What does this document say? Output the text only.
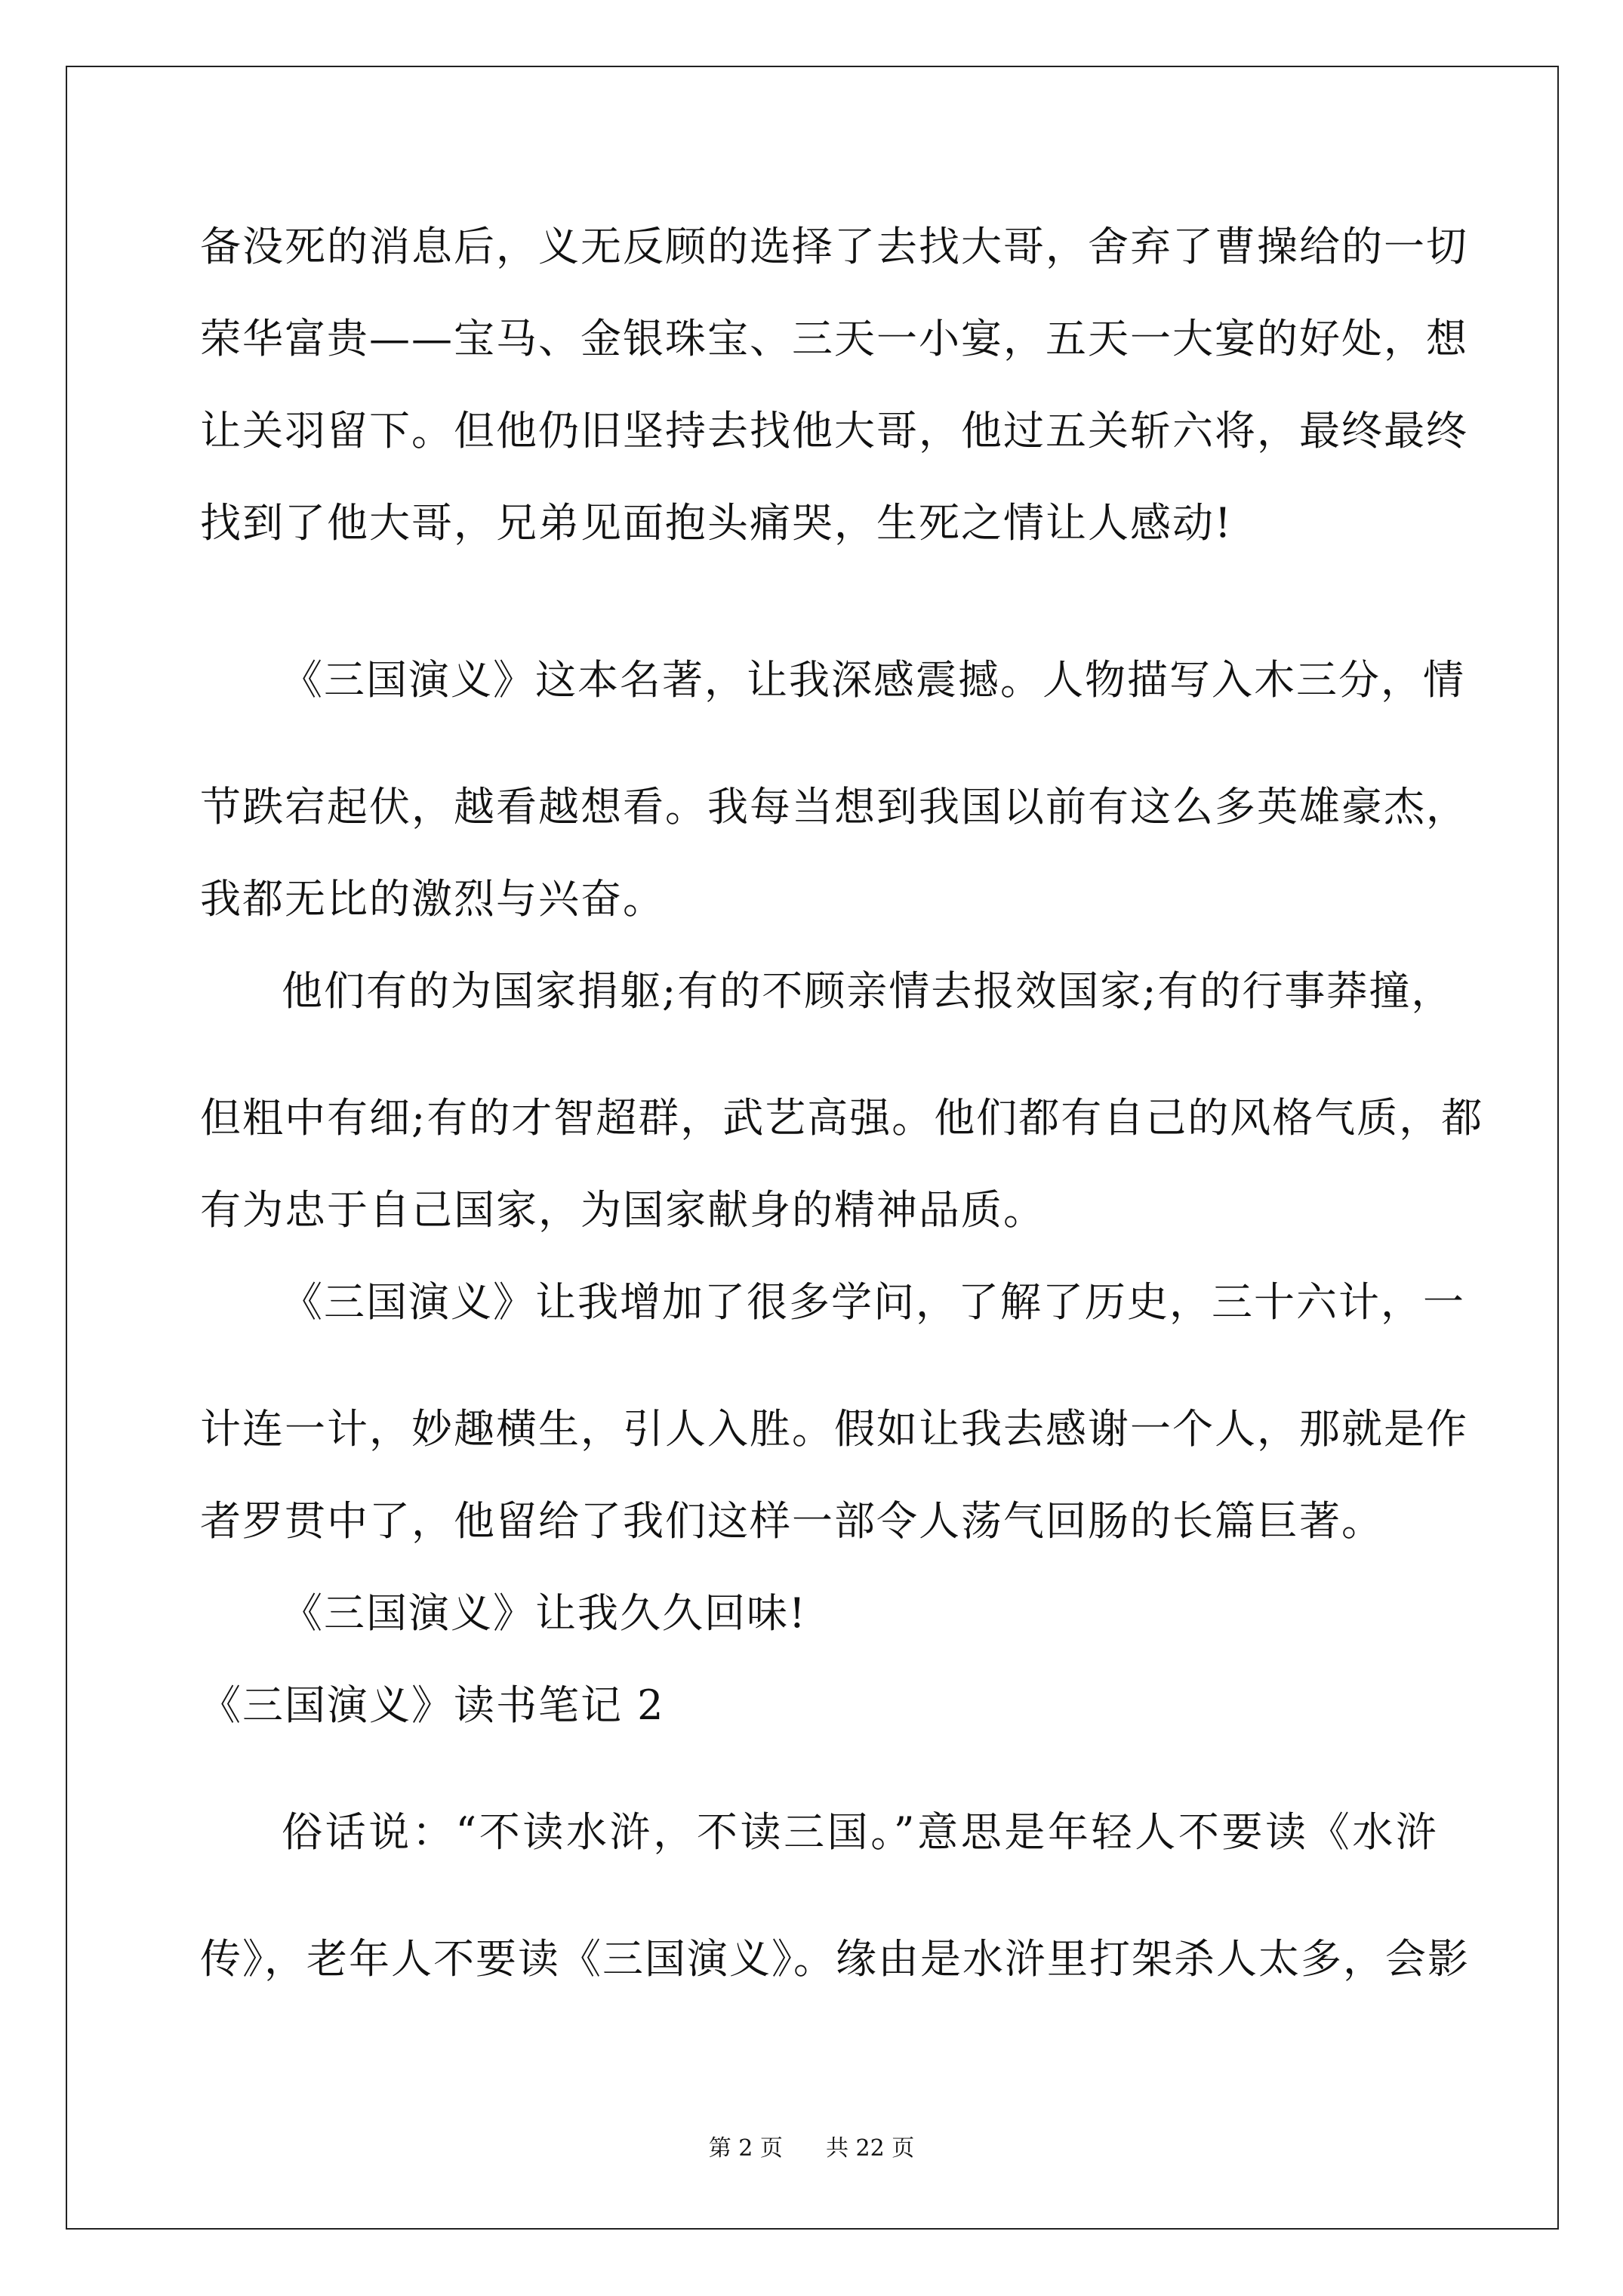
备没死的消息后，义无反顾的选择了去找大哥，舍弃了曹操给的一切
荣华富贵——宝马、金银珠宝、三天一小宴，五天一大宴的好处，想
让关羽留下。但他仍旧坚持去找他大哥，他过五关斩六将，最终最终
找到了他大哥，兄弟见面抱头痛哭，生死之情让人感动!
《三国演义》这本名著，让我深感震撼。人物描写入木三分，情
节跌宕起伏，越看越想看。我每当想到我国以前有这么多英雄豪杰，
我都无比的激烈与兴奋。
他们有的为国家捐躯;有的不顾亲情去报效国家;有的行事莽撞，
但粗中有细;有的才智超群，武艺高强。他们都有自己的风格气质，都
有为忠于自己国家，为国家献身的精神品质。
《三国演义》让我增加了很多学问，了解了历史，三十六计，一
计连一计，妙趣横生，引人入胜。假如让我去感谢一个人，那就是作
者罗贯中了，他留给了我们这样一部令人荡气回肠的长篇巨著。
《三国演义》让我久久回味!
《三国演义》读书笔记 2
俗话说：“不读水浒，不读三国。”意思是年轻人不要读《水浒
传》，老年人不要读《三国演义》。缘由是水浒里打架杀人太多，会影
第 2 页 共 22 页
